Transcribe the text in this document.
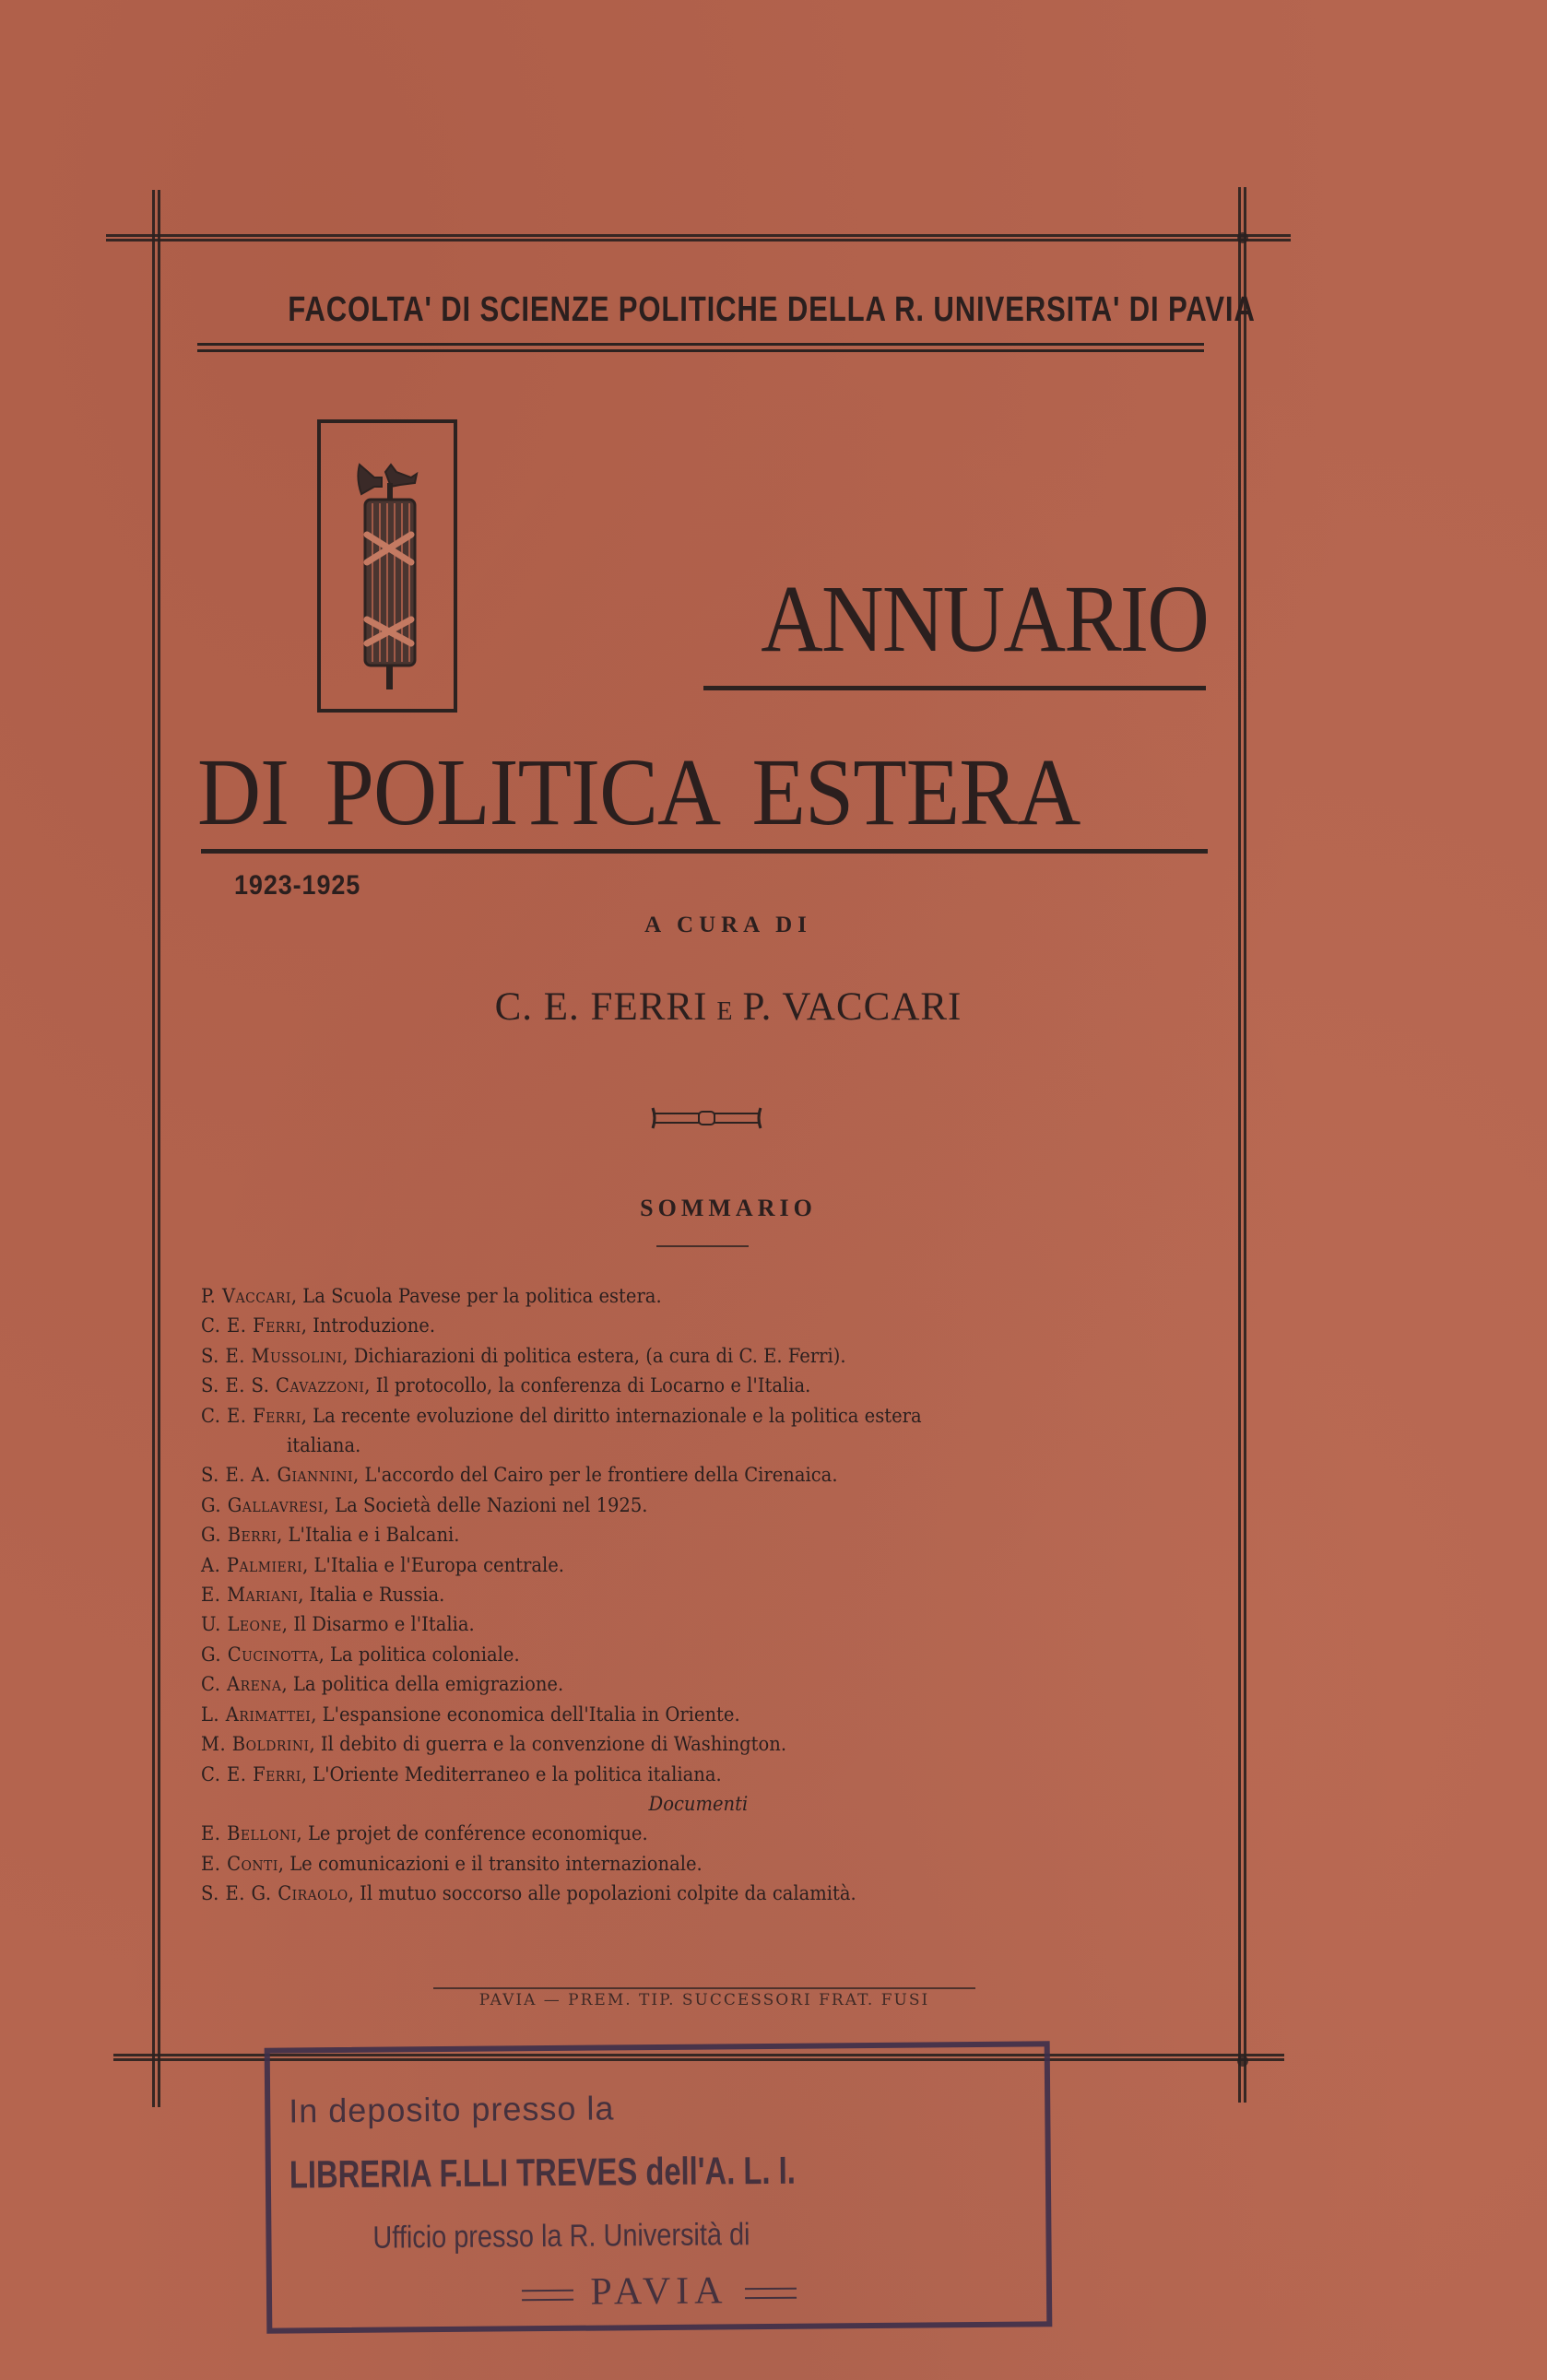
FACOLTA' DI SCIENZE POLITICHE DELLA R. UNIVERSITA' DI PAVIA
ANNUARIO
DI POLITICA ESTERA
1923-1925
A CURA DI
C. E. FERRI E P. VACCARI
SOMMARIO
P. Vaccari, La Scuola Pavese per la politica estera.
C. E. Ferri, Introduzione.
S. E. Mussolini, Dichiarazioni di politica estera, (a cura di C. E. Ferri).
S. E. S. Cavazzoni, Il protocollo, la conferenza di Locarno e l'Italia.
C. E. Ferri, La recente evoluzione del diritto internazionale e la politica estera
italiana.
S. E. A. Giannini, L'accordo del Cairo per le frontiere della Cirenaica.
G. Gallavresi, La Società delle Nazioni nel 1925.
G. Berri, L'Italia e i Balcani.
A. Palmieri, L'Italia e l'Europa centrale.
E. Mariani, Italia e Russia.
U. Leone, Il Disarmo e l'Italia.
G. Cucinotta, La politica coloniale.
C. Arena, La politica della emigrazione.
L. Arimattei, L'espansione economica dell'Italia in Oriente.
M. Boldrini, Il debito di guerra e la convenzione di Washington.
C. E. Ferri, L'Oriente Mediterraneo e la politica italiana.
Documenti
E. Belloni, Le projet de conférence economique.
E. Conti, Le comunicazioni e il transito internazionale.
S. E. G. Ciraolo, Il mutuo soccorso alle popolazioni colpite da calamità.
PAVIA — PREM. TIP. SUCCESSORI FRAT. FUSI
In deposito presso la
LIBRERIA F.LLI TREVES dell'A. L. I.
Ufficio presso la R. Università di
PAVIA
